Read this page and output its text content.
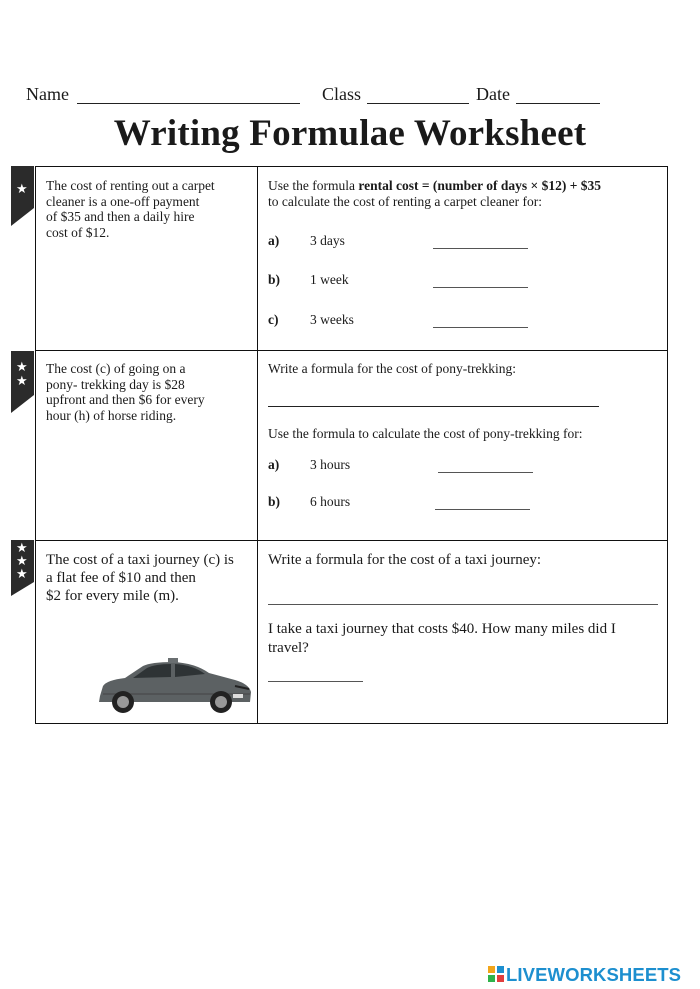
Name	Class	Date
Writing Formulae Worksheet
★
★
★
★
★
★
The cost of renting out a carpet
cleaner is a one-off payment
of $35 and then a daily hire
cost of $12.
Use the formula rental cost = (number of days × $12) + $35
to calculate the cost of renting a carpet cleaner for:
a) 3 days
b) 1 week
c) 3 weeks
The cost (c) of going on a
pony- trekking day is $28
upfront and then $6 for every
hour (h) of horse riding.
Write a formula for the cost of pony-trekking:
Use the formula to calculate the cost of pony-trekking for:
a) 3 hours
b) 6 hours
The cost of a taxi journey (c) is
a flat fee of $10 and then
$2 for every mile (m).
Write a formula for the cost of a taxi journey:
I take a taxi journey that costs $40. How many miles did I
travel?
LIVEWORKSHEETS
